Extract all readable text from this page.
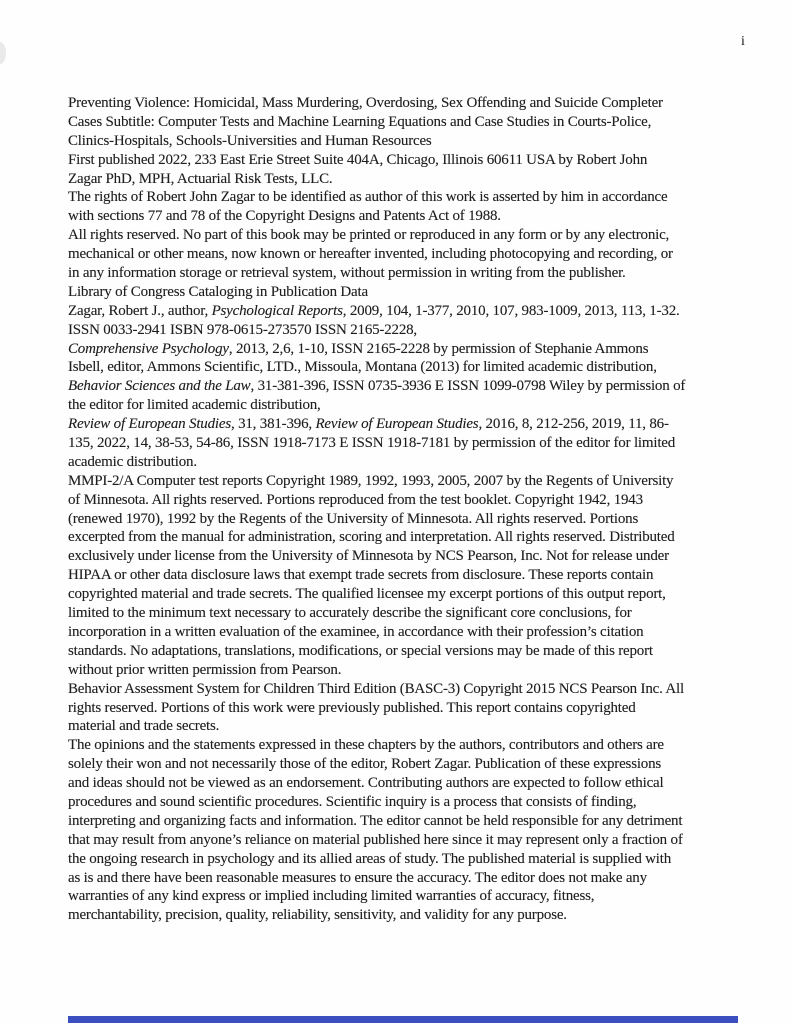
i
Preventing Violence: Homicidal, Mass Murdering, Overdosing, Sex Offending and Suicide Completer
Cases Subtitle: Computer Tests and Machine Learning Equations and Case Studies in Courts-Police,
Clinics-Hospitals, Schools-Universities and Human Resources
First published 2022, 233 East Erie Street Suite 404A, Chicago, Illinois 60611 USA by Robert John
Zagar PhD, MPH, Actuarial Risk Tests, LLC.
The rights of Robert John Zagar to be identified as author of this work is asserted by him in accordance
with sections 77 and 78 of the Copyright Designs and Patents Act of 1988.
All rights reserved. No part of this book may be printed or reproduced in any form or by any electronic,
mechanical or other means, now known or hereafter invented, including photocopying and recording, or
in any information storage or retrieval system, without permission in writing from the publisher.
Library of Congress Cataloging in Publication Data
Zagar, Robert J., author, Psychological Reports, 2009, 104, 1-377, 2010, 107, 983-1009, 2013, 113, 1-32.
ISSN 0033-2941 ISBN 978-0615-273570 ISSN 2165-2228,
Comprehensive Psychology, 2013, 2,6, 1-10, ISSN 2165-2228 by permission of Stephanie Ammons
Isbell, editor, Ammons Scientific, LTD., Missoula, Montana (2013) for limited academic distribution,
Behavior Sciences and the Law, 31-381-396, ISSN 0735-3936 E ISSN 1099-0798 Wiley by permission of
the editor for limited academic distribution,
Review of European Studies, 31, 381-396, Review of European Studies, 2016, 8, 212-256, 2019, 11, 86-
135, 2022, 14, 38-53, 54-86, ISSN 1918-7173 E ISSN 1918-7181 by permission of the editor for limited
academic distribution.
MMPI-2/A Computer test reports Copyright 1989, 1992, 1993, 2005, 2007 by the Regents of University
of Minnesota. All rights reserved. Portions reproduced from the test booklet. Copyright 1942, 1943
(renewed 1970), 1992 by the Regents of the University of Minnesota. All rights reserved. Portions
excerpted from the manual for administration, scoring and interpretation. All rights reserved. Distributed
exclusively under license from the University of Minnesota by NCS Pearson, Inc. Not for release under
HIPAA or other data disclosure laws that exempt trade secrets from disclosure. These reports contain
copyrighted material and trade secrets. The qualified licensee my excerpt portions of this output report,
limited to the minimum text necessary to accurately describe the significant core conclusions, for
incorporation in a written evaluation of the examinee, in accordance with their profession’s citation
standards. No adaptations, translations, modifications, or special versions may be made of this report
without prior written permission from Pearson.
Behavior Assessment System for Children Third Edition (BASC-3) Copyright 2015 NCS Pearson Inc. All
rights reserved. Portions of this work were previously published. This report contains copyrighted
material and trade secrets.
The opinions and the statements expressed in these chapters by the authors, contributors and others are
solely their won and not necessarily those of the editor, Robert Zagar. Publication of these expressions
and ideas should not be viewed as an endorsement. Contributing authors are expected to follow ethical
procedures and sound scientific procedures. Scientific inquiry is a process that consists of finding,
interpreting and organizing facts and information. The editor cannot be held responsible for any detriment
that may result from anyone’s reliance on material published here since it may represent only a fraction of
the ongoing research in psychology and its allied areas of study. The published material is supplied with
as is and there have been reasonable measures to ensure the accuracy. The editor does not make any
warranties of any kind express or implied including limited warranties of accuracy, fitness,
merchantability, precision, quality, reliability, sensitivity, and validity for any purpose.
